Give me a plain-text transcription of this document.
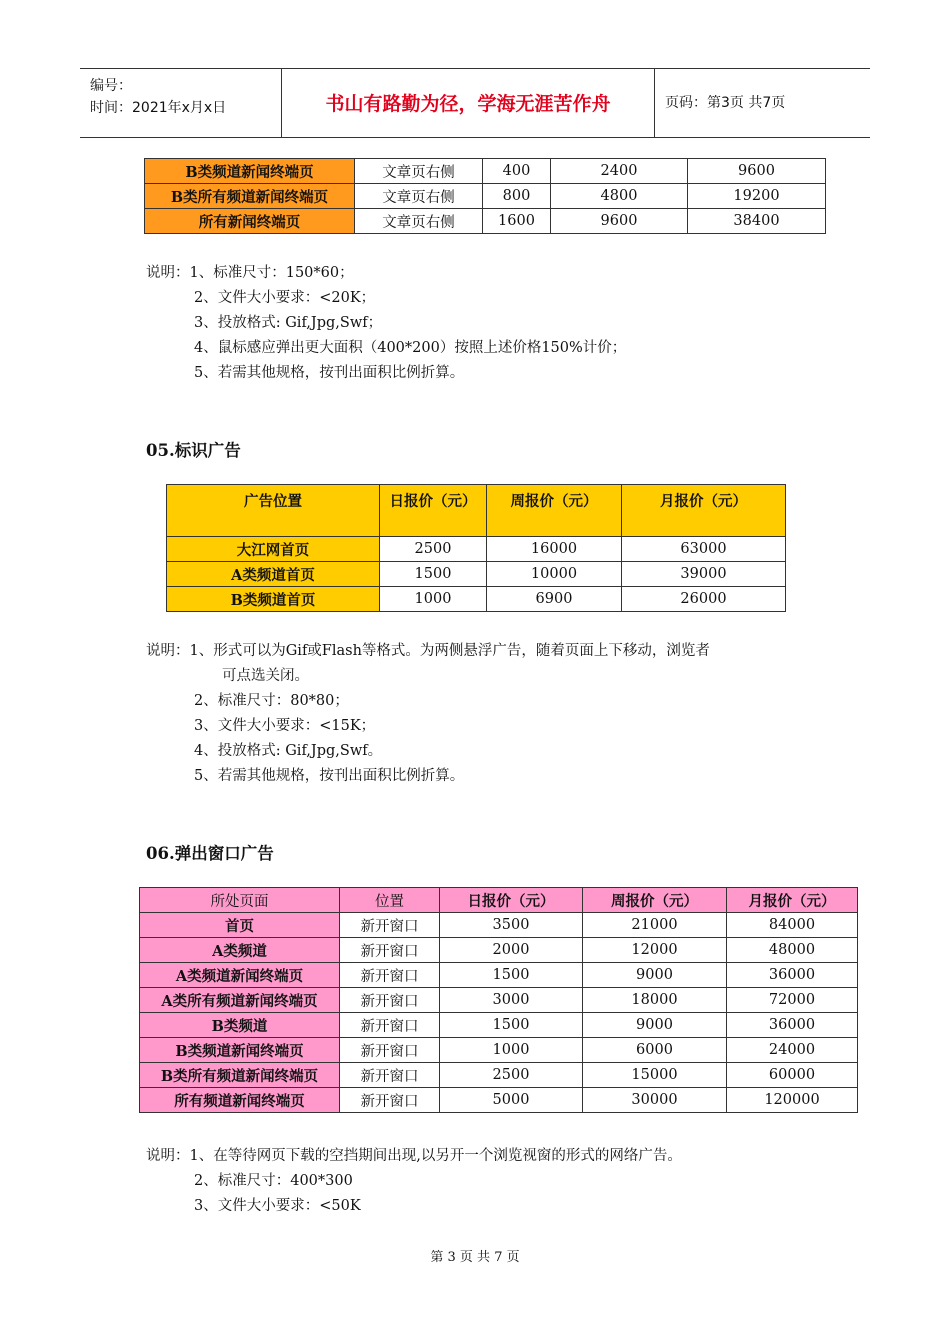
编号：
时间：2021年x月x日	书山有路勤为径，学海无涯苦作舟	页码：第3页 共7页
B类频道新闻终端页	文章页右侧	400	2400	9600
B类所有频道新闻终端页	文章页右侧	800	4800	19200
所有新闻终端页	文章页右侧	1600	9600	38400
说明：1、标准尺寸：150*60；
2、文件大小要求：<20K；
3、投放格式: Gif,Jpg,Swf；
4、鼠标感应弹出更大面积（400*200）按照上述价格150%计价；
5、若需其他规格，按刊出面积比例折算。
05.标识广告
广告位置	日报价（元）	周报价（元）	月报价（元）
大江网首页	2500	16000	63000
A类频道首页	1500	10000	39000
B类频道首页	1000	6900	26000
说明：1、形式可以为Gif或Flash等格式。为两侧悬浮广告，随着页面上下移动，浏览者
可点选关闭。
2、标准尺寸：80*80；
3、文件大小要求：<15K；
4、投放格式: Gif,Jpg,Swf。
5、若需其他规格，按刊出面积比例折算。
06.弹出窗口广告
所处页面	位置	日报价（元）	周报价（元）	月报价（元）
首页	新开窗口	3500	21000	84000
A类频道	新开窗口	2000	12000	48000
A类频道新闻终端页	新开窗口	1500	9000	36000
A类所有频道新闻终端页	新开窗口	3000	18000	72000
B类频道	新开窗口	1500	9000	36000
B类频道新闻终端页	新开窗口	1000	6000	24000
B类所有频道新闻终端页	新开窗口	2500	15000	60000
所有频道新闻终端页	新开窗口	5000	30000	120000
说明：1、在等待网页下载的空挡期间出现,以另开一个浏览视窗的形式的网络广告。
2、标准尺寸：400*300
3、文件大小要求：<50K
第 3 页 共 7 页
